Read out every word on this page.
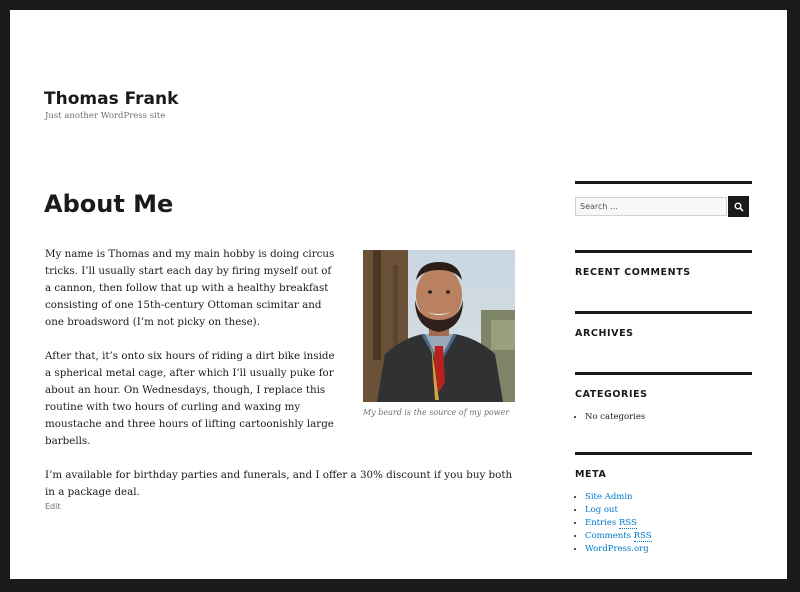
Thomas Frank
Just another WordPress site
About Me
My beard is the source of my power

My name is Thomas and my main hobby is doing circus tricks. I’ll usually start each day by firing myself out of a cannon, then follow that up with a healthy breakfast consisting of one 15th-century Ottoman scimitar and one broadsword (I’m not picky on these).

After that, it’s onto six hours of riding a dirt bike inside a spherical metal cage, after which I’ll usually puke for about an hour. On Wednesdays, though, I replace this routine with two hours of curling and waxing my moustache and three hours of lifting cartoonishly large barbells.

I’m available for birthday parties and funerals, and I offer a 30% discount if you buy both in a package deal.

Edit
Search …
RECENT COMMENTS
ARCHIVES
CATEGORIES
• No categories
META
• Site Admin
• Log out
• Entries RSS
• Comments RSS
• WordPress.org
